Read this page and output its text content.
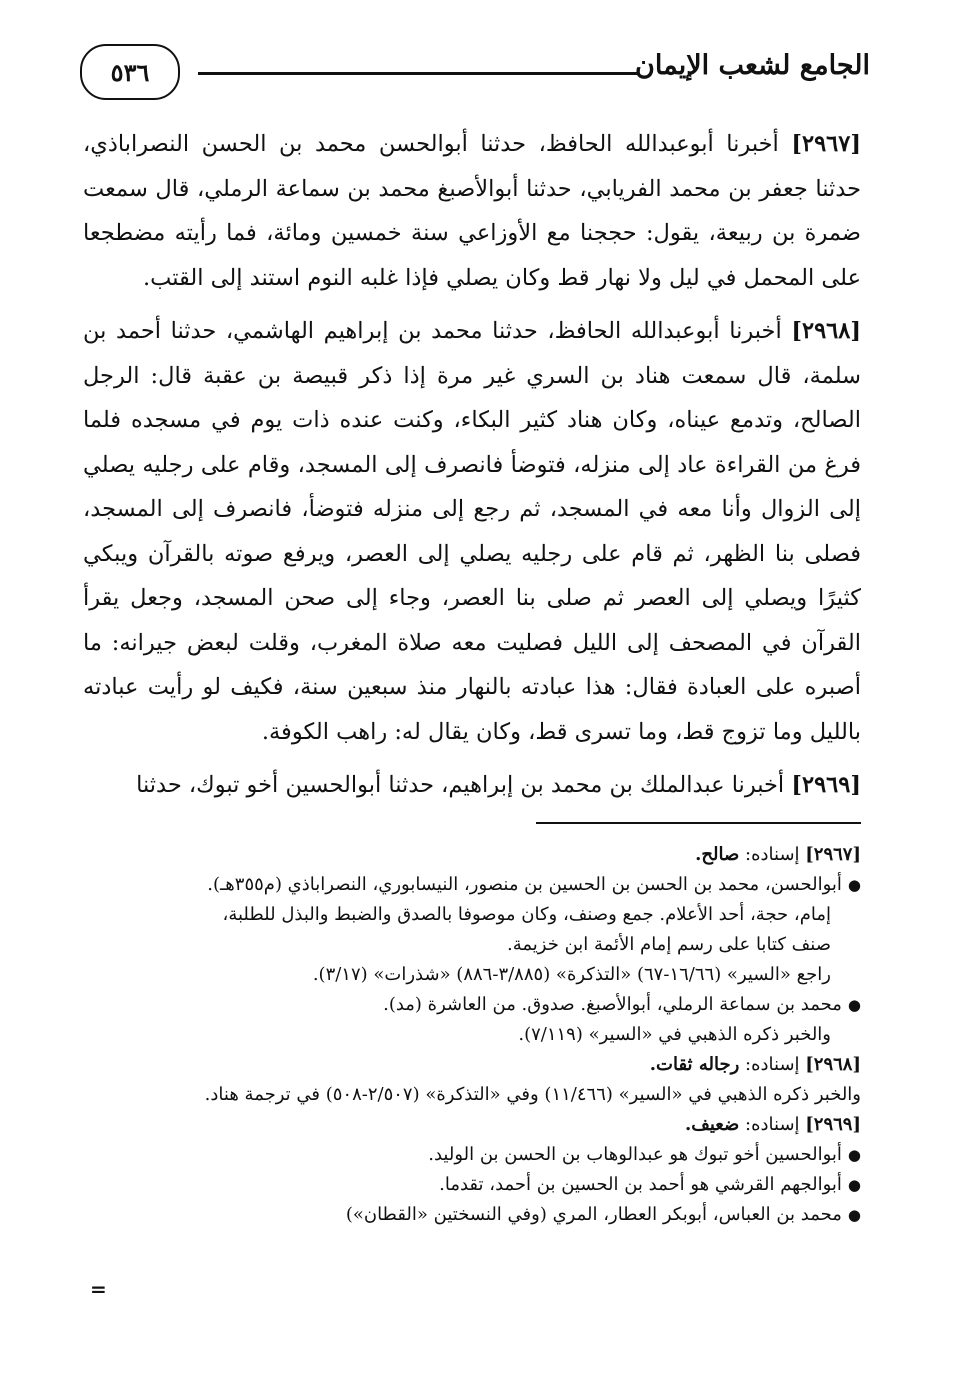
الجامع لشعب الإيمان
٥٣٦

[٢٩٦٧] أخبرنا أبوعبدالله الحافظ، حدثنا أبوالحسن محمد بن الحسن النصراباذي، حدثنا جعفر بن محمد الفريابي، حدثنا أبوالأصبغ محمد بن سماعة الرملي، قال سمعت ضمرة بن ربيعة، يقول: حججنا مع الأوزاعي سنة خمسين ومائة، فما رأيته مضطجعا على المحمل في ليل ولا نهار قط وكان يصلي فإذا غلبه النوم استند إلى القتب.

[٢٩٦٨] أخبرنا أبوعبدالله الحافظ، حدثنا محمد بن إبراهيم الهاشمي، حدثنا أحمد بن سلمة، قال سمعت هناد بن السري غير مرة إذا ذكر قبيصة بن عقبة قال: الرجل الصالح، وتدمع عيناه، وكان هناد كثير البكاء، وكنت عنده ذات يوم في مسجده فلما فرغ من القراءة عاد إلى منزله، فتوضأ فانصرف إلى المسجد، وقام على رجليه يصلي إلى الزوال وأنا معه في المسجد، ثم رجع إلى منزله فتوضأ، فانصرف إلى المسجد، فصلى بنا الظهر، ثم قام على رجليه يصلي إلى العصر، ويرفع صوته بالقرآن ويبكي كثيرًا ويصلي إلى العصر ثم صلى بنا العصر، وجاء إلى صحن المسجد، وجعل يقرأ القرآن في المصحف إلى الليل فصليت معه صلاة المغرب، وقلت لبعض جيرانه: ما أصبره على العبادة فقال: هذا عبادته بالنهار منذ سبعين سنة، فكيف لو رأيت عبادته بالليل وما تزوج قط، وما تسرى قط، وكان يقال له: راهب الكوفة.

[٢٩٦٩] أخبرنا عبدالملك بن محمد بن إبراهيم، حدثنا أبوالحسين أخو تبوك، حدثنا

[٢٩٦٧] إسناده: صالح.

●أبوالحسن، محمد بن الحسن بن الحسين بن منصور، النيسابوري، النصراباذي (م٣٥٥هـ).

إمام، حجة، أحد الأعلام. جمع وصنف، وكان موصوفا بالصدق والضبط والبذل للطلبة،

صنف كتابا على رسم إمام الأئمة ابن خزيمة.

راجع «السير» (١٦/٦٦-٦٧) «التذكرة» (٣/٨٨٥-٨٨٦) «شذرات» (٣/١٧).

●محمد بن سماعة الرملي، أبوالأصبغ. صدوق. من العاشرة (مد).

والخبر ذكره الذهبي في «السير» (٧/١١٩).

[٢٩٦٨] إسناده: رجاله ثقات.

والخبر ذكره الذهبي في «السير» (١١/٤٦٦) وفي «التذكرة» (٢/٥٠٧-٥٠٨) في ترجمة هناد.

[٢٩٦٩] إسناده: ضعيف.

●أبوالحسين أخو تبوك هو عبدالوهاب بن الحسن بن الوليد.

●أبوالجهم القرشي هو أحمد بن الحسين بن أحمد، تقدما.

●محمد بن العباس، أبوبكر العطار، المري (وفي النسختين «القطان»)

=
